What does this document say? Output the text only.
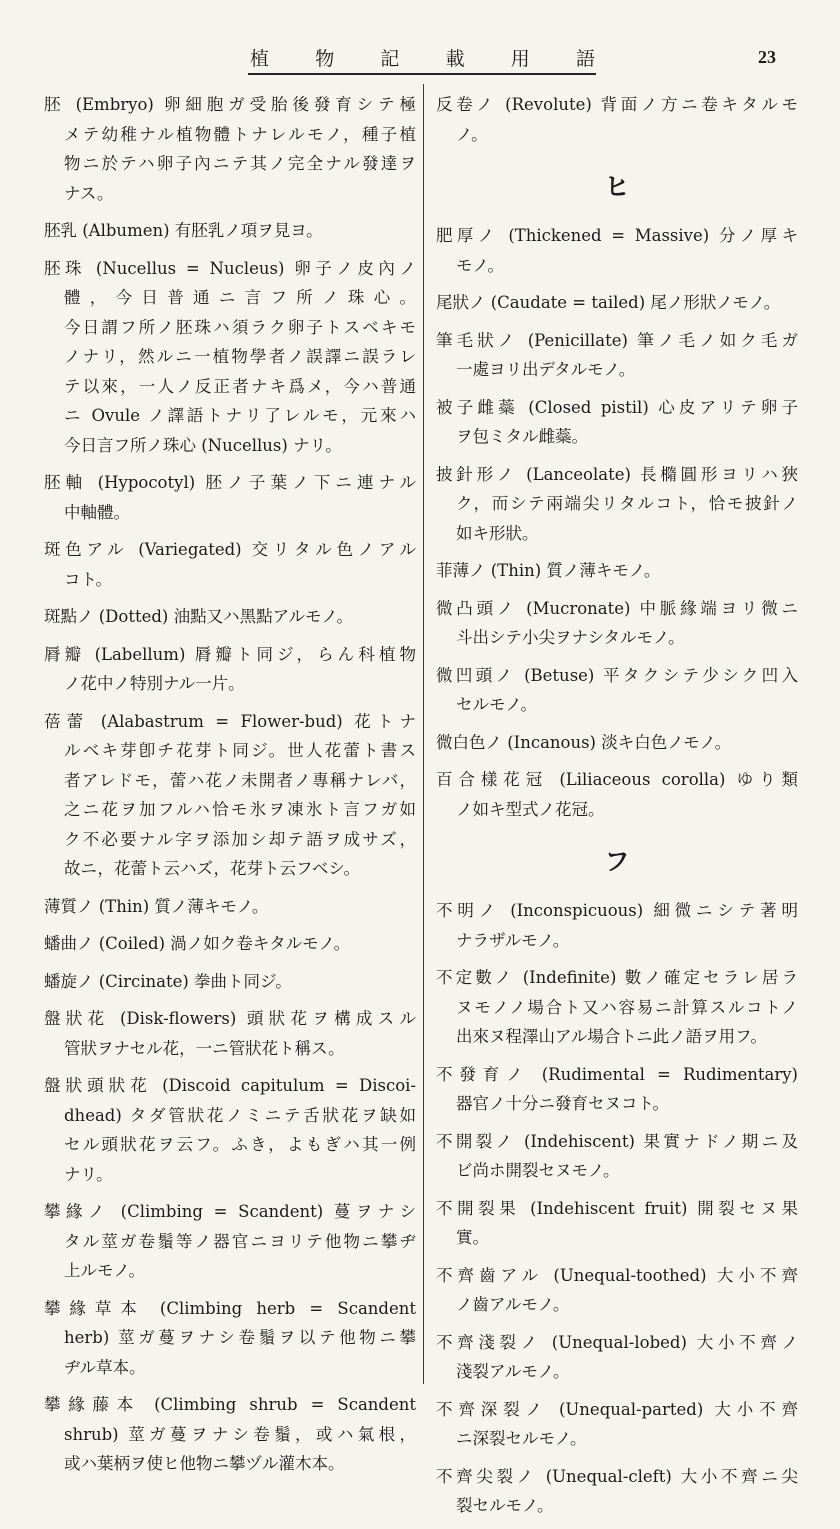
植 物 記 載 用 語	23
胚 (Embryo) 卵細胞ガ受胎後發育シテ極
メテ幼稚ナル植物體トナレルモノ，種子植
物ニ於テハ卵子內ニテ其ノ完全ナル發達ヲ
ナス。
胚乳 (Albumen) 有胚乳ノ項ヲ見ヨ。
胚珠 (Nucellus = Nucleus) 卵子ノ皮內ノ
體，今日普通ニ言フ所ノ珠心。
今日謂フ所ノ胚珠ハ須ラク卵子トスベキモ
ノナリ，然ルニ一植物學者ノ誤譯ニ誤ラレ
テ以來，一人ノ反正者ナキ爲メ，今ハ普通
ニ Ovule ノ譯語トナリ了レルモ，元來ハ
今日言フ所ノ珠心 (Nucellus) ナリ。
胚軸 (Hypocotyl) 胚ノ子葉ノ下ニ連ナル
中軸體。
斑色アル (Variegated) 交リタル色ノアル
コト。
斑點ノ (Dotted) 油點又ハ黑點アルモノ。
脣瓣 (Labellum) 脣瓣ト同ジ，らん科植物
ノ花中ノ特別ナル一片。
蓓蕾 (Alabastrum = Flower-bud) 花トナ
ルベキ芽卽チ花芽ト同ジ。世人花蕾ト書ス
者アレドモ，蕾ハ花ノ未開者ノ專稱ナレバ，
之ニ花ヲ加フルハ恰モ氷ヲ凍氷ト言フガ如
ク不必要ナル字ヲ添加シ却テ語ヲ成サズ，
故ニ，花蕾ト云ハズ，花芽ト云フベシ。
薄質ノ (Thin) 質ノ薄キモノ。
蟠曲ノ (Coiled) 渦ノ如ク卷キタルモノ。
蟠旋ノ (Circinate) 拳曲ト同ジ。
盤狀花 (Disk-flowers) 頭狀花ヲ構成スル
管狀ヲナセル花，一ニ管狀花ト稱ス。
盤狀頭狀花 (Discoid capitulum = Discoi-
dhead) タダ管狀花ノミニテ舌狀花ヲ缺如
セル頭狀花ヲ云フ。ふき，よもぎハ其一例
ナリ。
攀緣ノ (Climbing = Scandent) 蔓ヲナシ
タル莖ガ卷鬚等ノ器官ニヨリテ他物ニ攀ヂ
上ルモノ。
攀緣草本 (Climbing herb = Scandent
herb) 莖ガ蔓ヲナシ卷鬚ヲ以テ他物ニ攀
ヂル草本。
攀緣藤本 (Climbing shrub = Scandent
shrub) 莖ガ蔓ヲナシ卷鬚，或ハ氣根，
或ハ葉柄ヲ使ヒ他物ニ攀ヅル灌木本。
反卷ノ (Revolute) 背面ノ方ニ卷キタルモ
ノ。
ヒ
肥厚ノ (Thickened = Massive) 分ノ厚キ
モノ。
尾狀ノ (Caudate = tailed) 尾ノ形狀ノモノ。
筆毛狀ノ (Penicillate) 筆ノ毛ノ如ク毛ガ
一處ヨリ出デタルモノ。
被子雌蘂 (Closed pistil) 心皮アリテ卵子
ヲ包ミタル雌蘂。
披針形ノ (Lanceolate) 長橢圓形ヨリハ狹
ク，而シテ兩端尖リタルコト，恰モ披針ノ
如キ形狀。
菲薄ノ (Thin) 質ノ薄キモノ。
微凸頭ノ (Mucronate) 中脈緣端ヨリ微ニ
斗出シテ小尖ヲナシタルモノ。
微凹頭ノ (Betuse) 平タクシテ少シク凹入
セルモノ。
微白色ノ (Incanous) 淡キ白色ノモノ。
百合樣花冠 (Liliaceous corolla) ゆり類
ノ如キ型式ノ花冠。
フ
不明ノ (Inconspicuous) 細微ニシテ著明
ナラザルモノ。
不定數ノ (Indefinite) 數ノ確定セラレ居ラ
ヌモノノ場合ト又ハ容易ニ計算スルコトノ
出來ヌ程澤山アル場合トニ此ノ語ヲ用フ。
不發育ノ (Rudimental = Rudimentary)
器官ノ十分ニ發育セヌコト。
不開裂ノ (Indehiscent) 果實ナドノ期ニ及
ビ尚ホ開裂セヌモノ。
不開裂果 (Indehiscent fruit) 開裂セヌ果
實。
不齊齒アル (Unequal-toothed) 大小不齊
ノ齒アルモノ。
不齊淺裂ノ (Unequal-lobed) 大小不齊ノ
淺裂アルモノ。
不齊深裂ノ (Unequal-parted) 大小不齊
ニ深裂セルモノ。
不齊尖裂ノ (Unequal-cleft) 大小不齊ニ尖
裂セルモノ。
